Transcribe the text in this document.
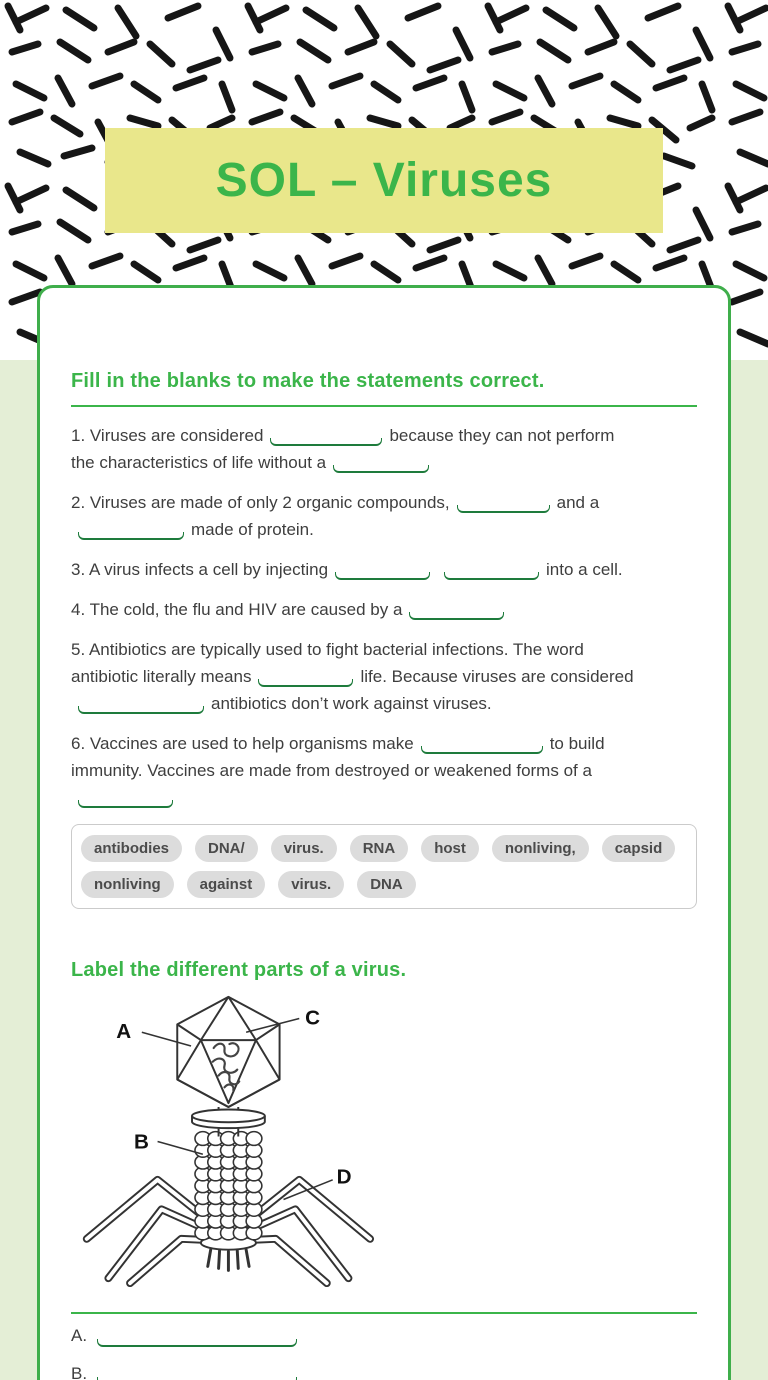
SOL – Viruses
Fill in the blanks to make the statements correct.

1. Viruses are considered	because they can not perform
the characteristics of life without a

2. Viruses are made of only 2 organic compounds,	and a
made of protein.

3. A virus infects a cell by injecting	into a cell.

4. The cold, the flu and HIV are caused by a

5. Antibiotics are typically used to fight bacterial infections. The word
antibiotic literally means	life. Because viruses are considered
antibiotics don’t work against viruses.

6. Vaccines are used to help organisms make	to build
immunity. Vaccines are made from destroyed or weakened forms of a

antibodies	DNA/	virus.	RNA	host	nonliving,	capsid
nonliving	against	virus.	DNA
Label the different parts of a virus.
A
C
B
D
A.
B.
